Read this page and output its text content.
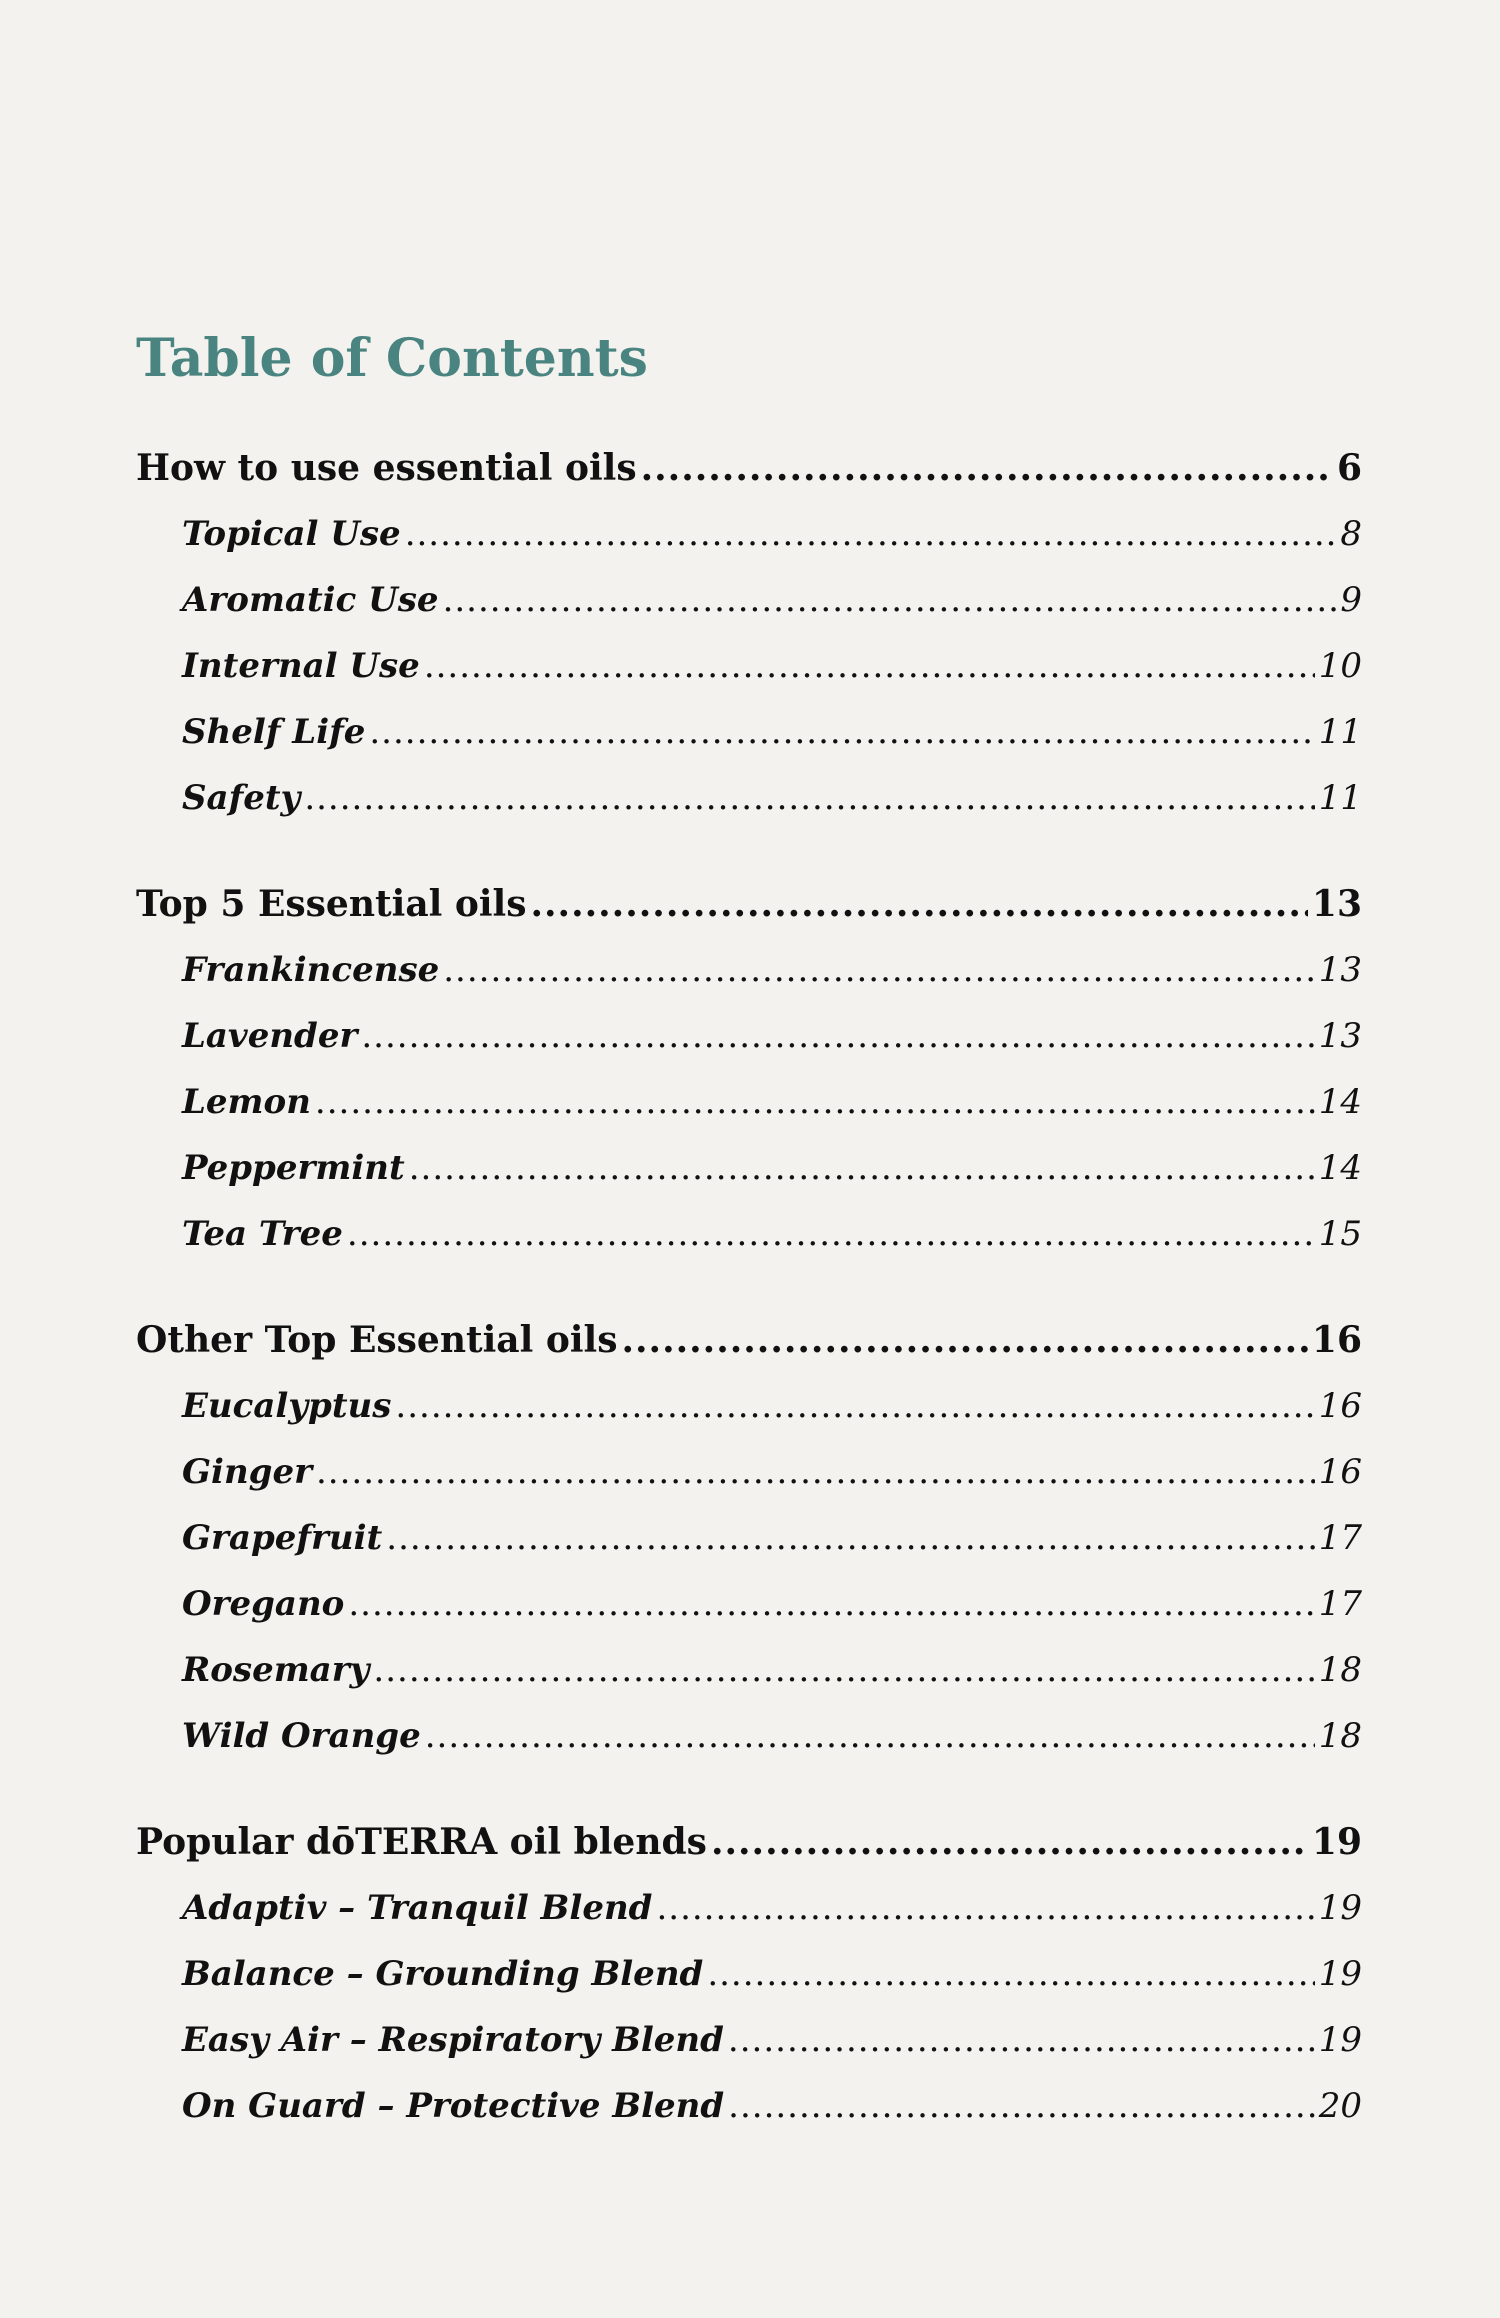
Table of Contents
How to use essential oils .....	6
Topical Use .....	8
Aromatic Use .....	9
Internal Use .....	10
Shelf Life .....	11
Safety .....	11
Top 5 Essential oils .....	13
Frankincense .....	13
Lavender .....	13
Lemon .....	14
Peppermint .....	14
Tea Tree .....	15
Other Top Essential oils .....	16
Eucalyptus .....	16
Ginger .....	16
Grapefruit .....	17
Oregano .....	17
Rosemary .....	18
Wild Orange .....	18
Popular dōTERRA oil blends .....	19
Adaptiv – Tranquil Blend .....	19
Balance – Grounding Blend .....	19
Easy Air – Respiratory Blend .....	19
On Guard – Protective Blend .....	20
